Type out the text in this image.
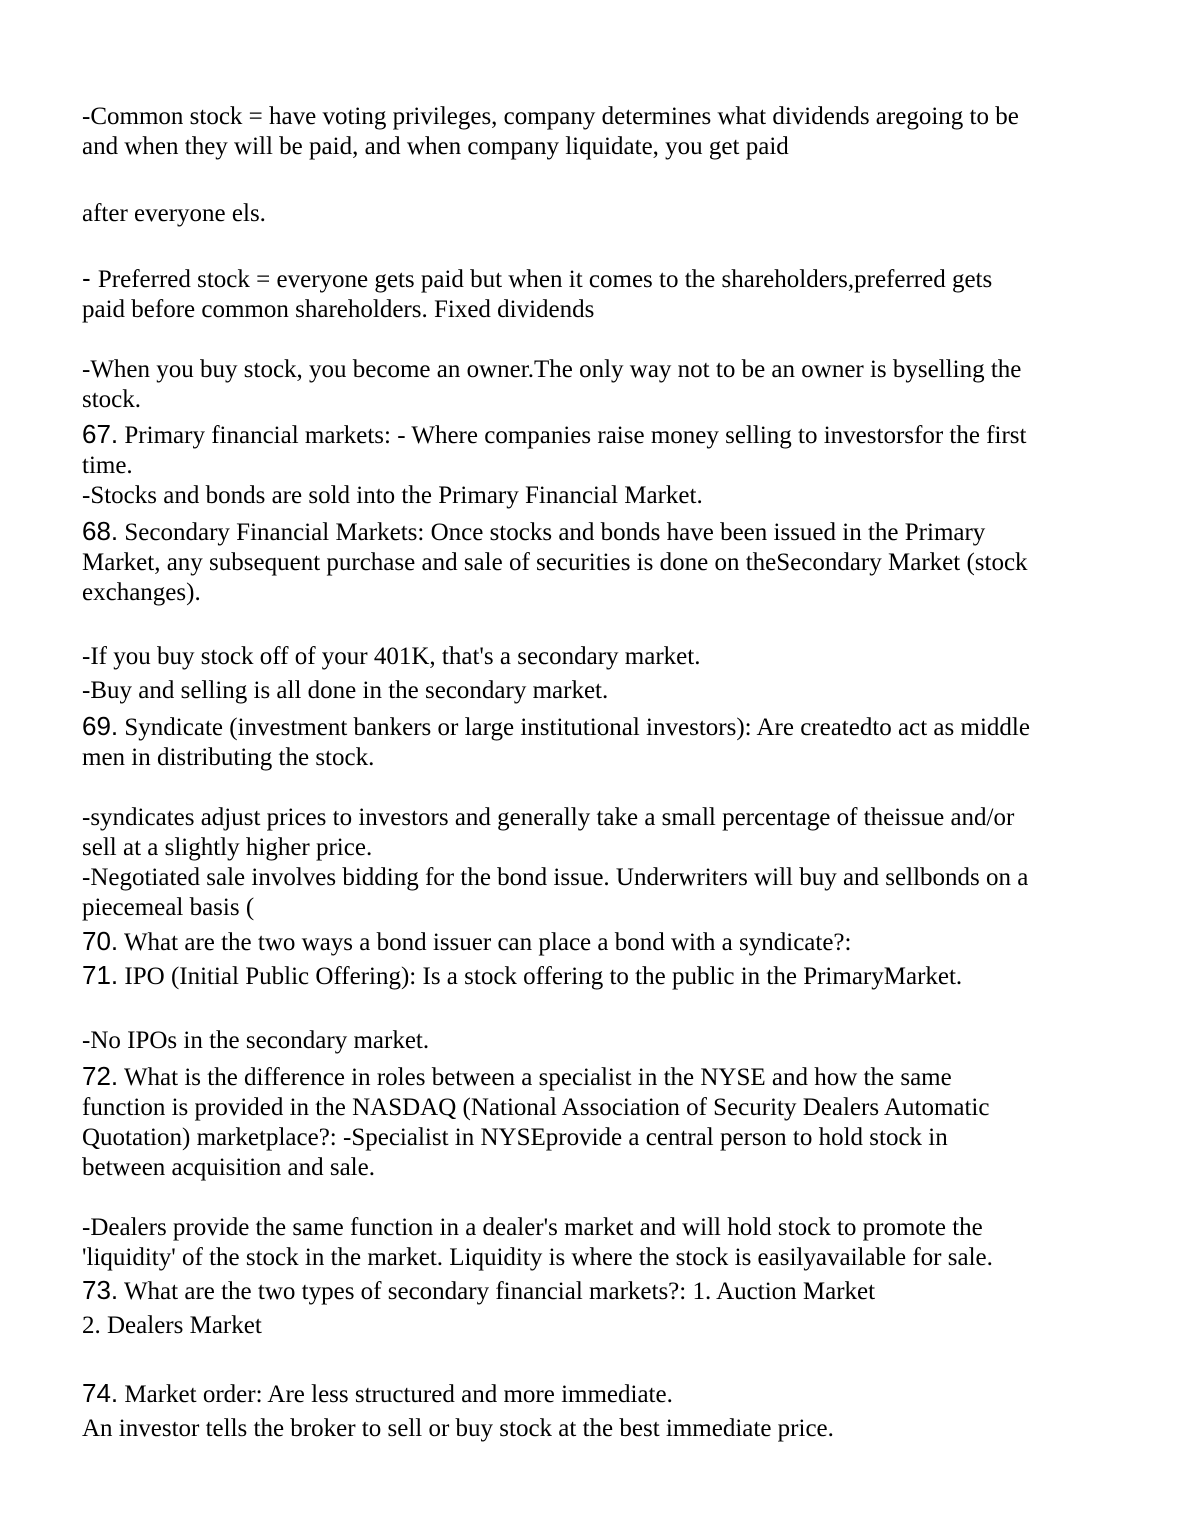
-Common stock = have voting privileges, company determines what dividends aregoing to be
and when they will be paid, and when company liquidate, you get paid

after everyone els.

- Preferred stock = everyone gets paid but when it comes to the shareholders,preferred gets
paid before common shareholders. Fixed dividends

-When you buy stock, you become an owner.The only way not to be an owner is byselling the
stock.

67. Primary financial markets: - Where companies raise money selling to investorsfor the first
time.

-Stocks and bonds are sold into the Primary Financial Market.

68. Secondary Financial Markets: Once stocks and bonds have been issued in the Primary
Market, any subsequent purchase and sale of securities is done on theSecondary Market (stock
exchanges).

-If you buy stock off of your 401K, that's a secondary market.

-Buy and selling is all done in the secondary market.

69. Syndicate (investment bankers or large institutional investors): Are createdto act as middle
men in distributing the stock.

-syndicates adjust prices to investors and generally take a small percentage of theissue and/or
sell at a slightly higher price.

-Negotiated sale involves bidding for the bond issue. Underwriters will buy and sellbonds on a
piecemeal basis (

70. What are the two ways a bond issuer can place a bond with a syndicate?:

71. IPO (Initial Public Offering): Is a stock offering to the public in the PrimaryMarket.

-No IPOs in the secondary market.

72. What is the difference in roles between a specialist in the NYSE and how the same
function is provided in the NASDAQ (National Association of Security Dealers Automatic
Quotation) marketplace?: -Specialist in NYSEprovide a central person to hold stock in
between acquisition and sale.

-Dealers provide the same function in a dealer's market and will hold stock to promote the
'liquidity' of the stock in the market. Liquidity is where the stock is easilyavailable for sale.

73. What are the two types of secondary financial markets?: 1. Auction Market
2. Dealers Market

74. Market order: Are less structured and more immediate.
An investor tells the broker to sell or buy stock at the best immediate price.
